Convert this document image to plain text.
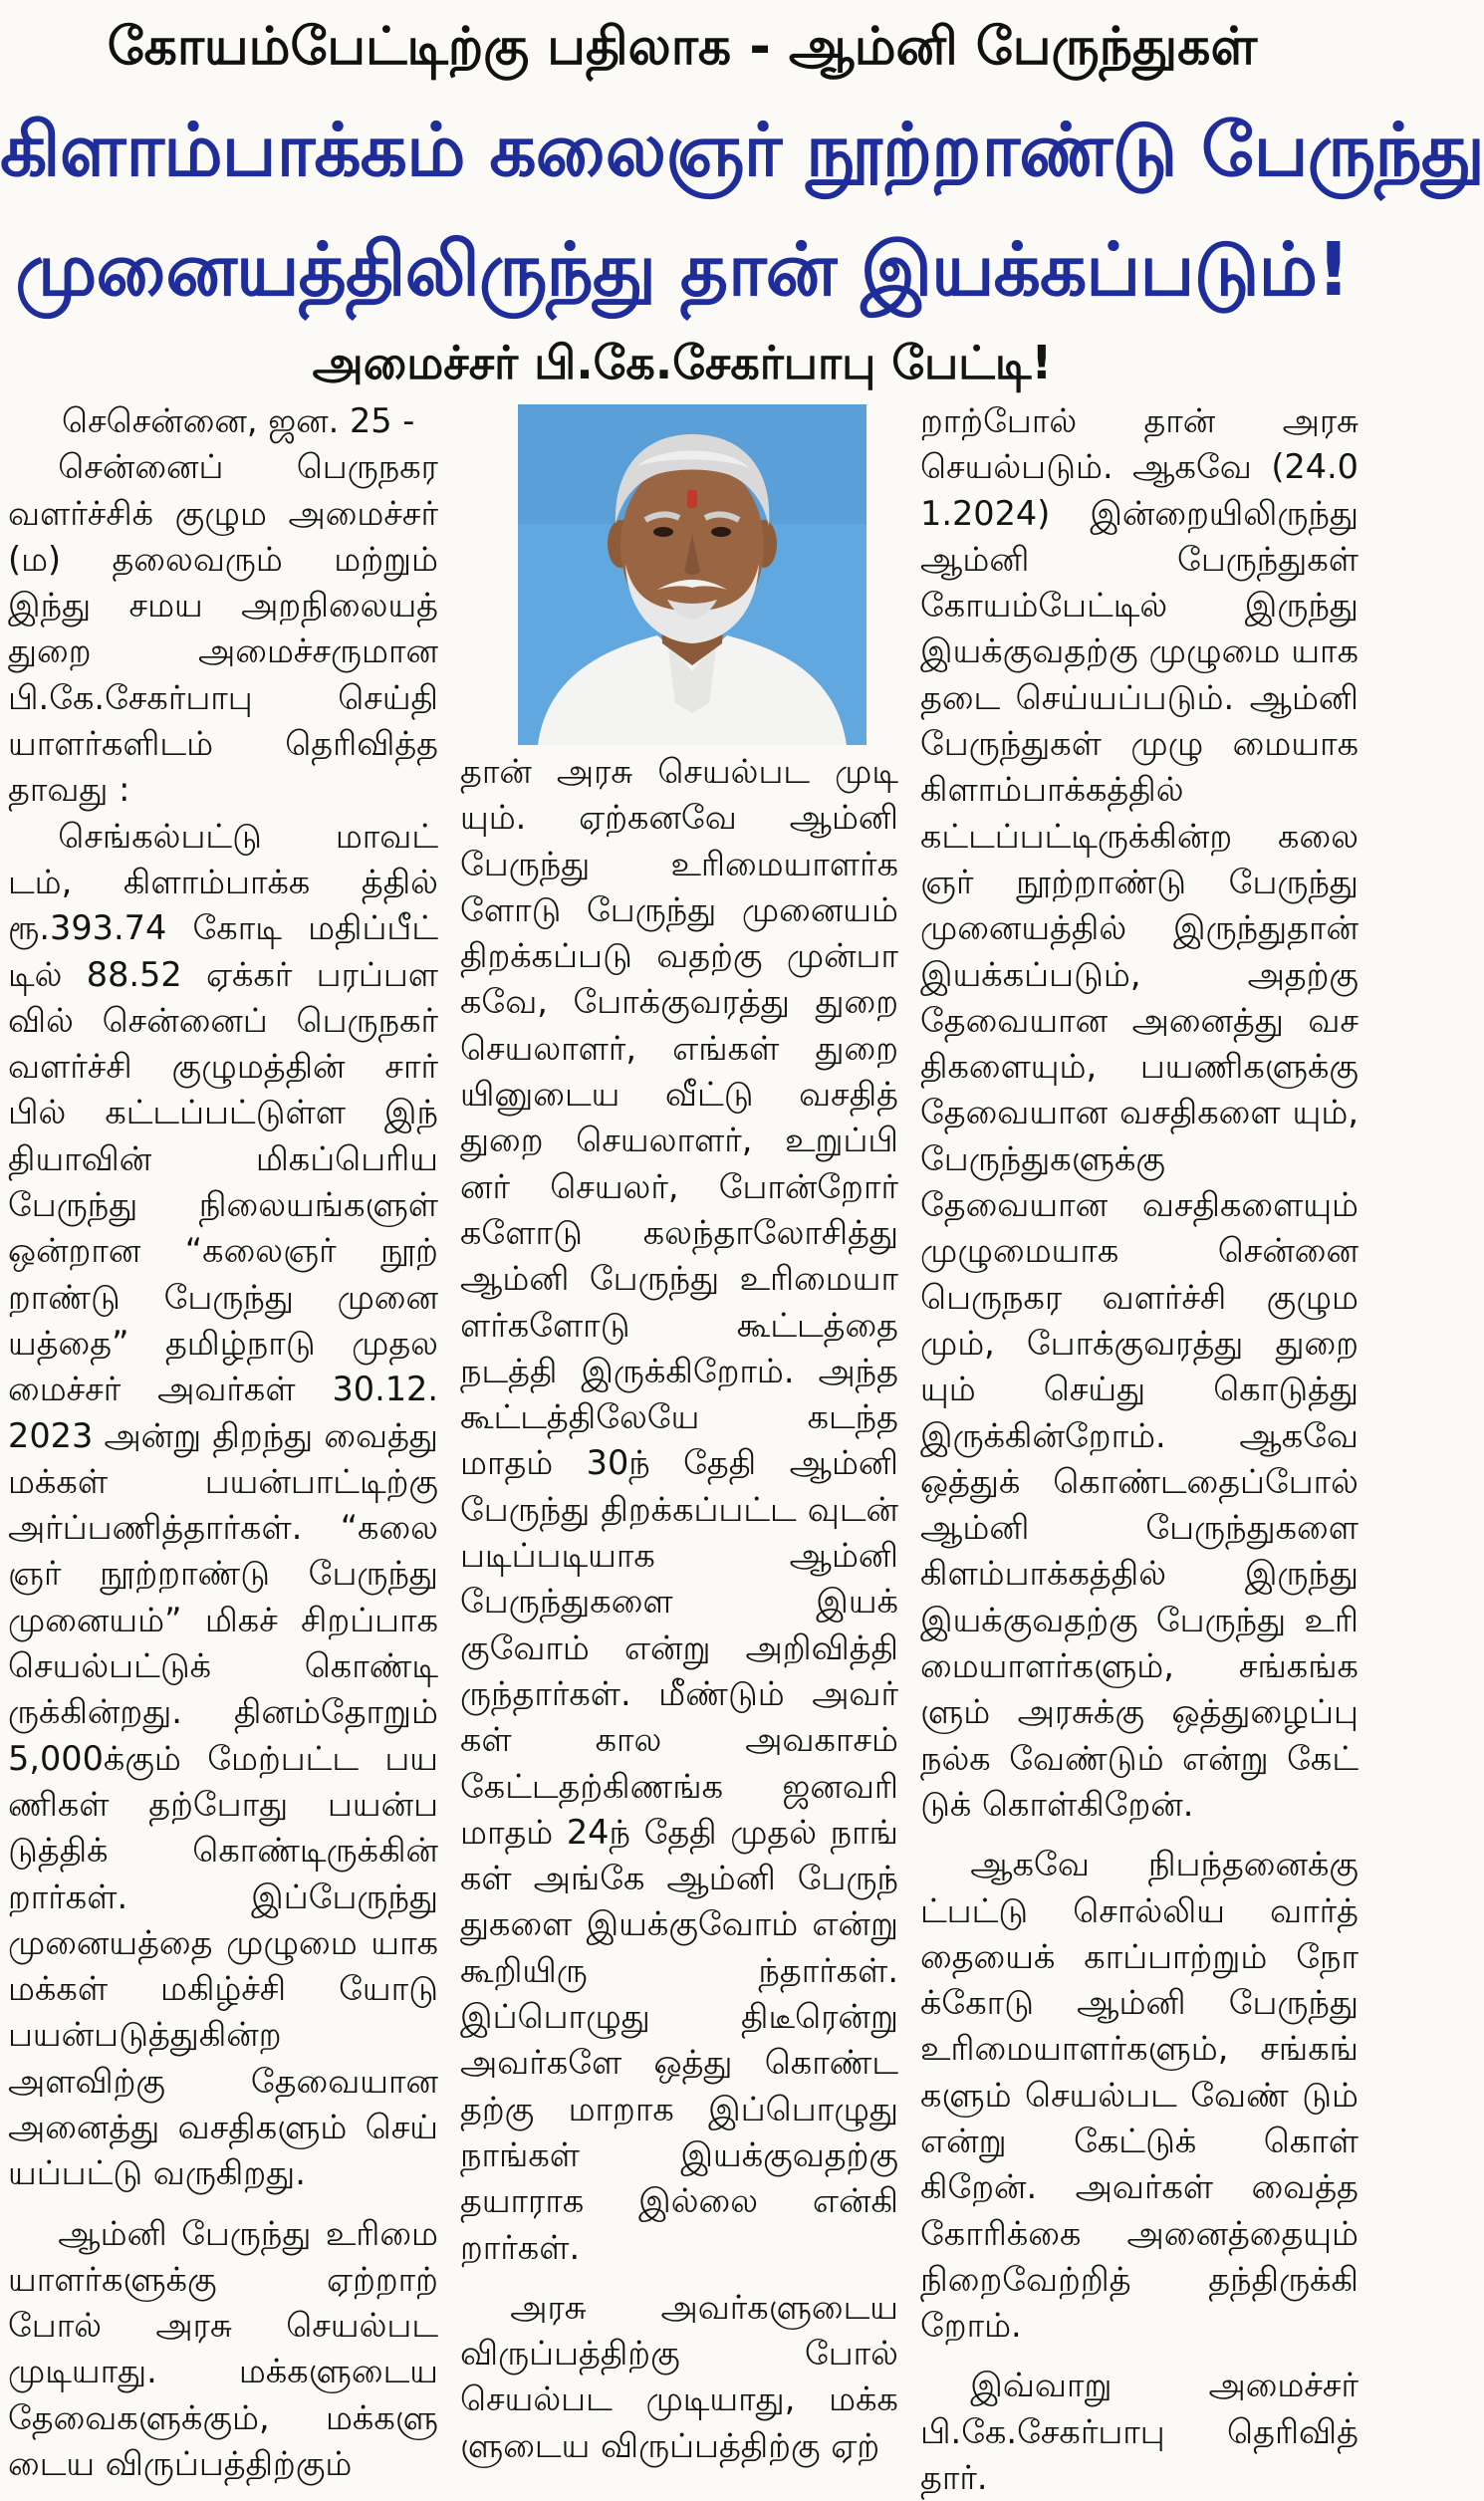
கோயம்பேட்டிற்கு பதிலாக - ஆம்னி பேருந்துகள்
கிளாம்பாக்கம் கலைஞர் நூற்றாண்டு பேருந்து
முனையத்திலிருந்து தான் இயக்கப்படும்!
அமைச்சர் பி.கே.சேகர்பாபு பேட்டி!

செசென்னை, ஜன. 25 -

சென்னைப் பெருநகர வளர்ச்சிக் குழும அமைச்சர் (ம) தலைவரும் மற்றும் இந்து சமய அறநிலையத் துறை அமைச்சருமான பி.கே.சேகர்பாபு செய்தி யாளர்களிடம் தெரிவித்த தாவது :

செங்கல்பட்டு மாவட் டம், கிளாம்பாக்க த்தில் ரூ.393.74 கோடி மதிப்பீட் டில் 88.52 ஏக்கர் பரப்பள வில் சென்னைப் பெருநகர் வளர்ச்சி குழுமத்தின் சார் பில் கட்டப்பட்டுள்ள இந் தியாவின் மிகப்பெரிய பேருந்து நிலையங்களுள் ஒன்றான “கலைஞர் நூற் றாண்டு பேருந்து முனை யத்தை” தமிழ்நாடு முதல மைச்சர் அவர்கள் 30.12. 2023 அன்று திறந்து வைத்து மக்கள் பயன்பாட்டிற்கு அர்ப்பணித்தார்கள். “கலை ஞர் நூற்றாண்டு பேருந்து முனையம்” மிகச் சிறப்பாக செயல்பட்டுக் கொண்டி ருக்கின்றது. தினம்தோறும் 5,000க்கும் மேற்பட்ட பய ணிகள் தற்போது பயன்ப டுத்திக் கொண்டிருக்கின் றார்கள். இப்பேருந்து முனையத்தை முழுமை யாக மக்கள் மகிழ்ச்சி யோடு பயன்படுத்துகின்ற அளவிற்கு தேவையான அனைத்து வசதிகளும் செய் யப்பட்டு வருகிறது.

ஆம்னி பேருந்து உரிமை யாளர்களுக்கு ஏற்றாற் போல் அரசு செயல்பட முடியாது. மக்களுடைய தேவைகளுக்கும், மக்களு டைய விருப்பத்திற்கும்

தான் அரசு செயல்பட முடி யும். ஏற்கனவே ஆம்னி பேருந்து உரிமையாளர்க ளோடு பேருந்து முனையம் திறக்கப்படு வதற்கு முன்பா கவே, போக்குவரத்து துறை செயலாளர், எங்கள் துறை யினுடைய வீட்டு வசதித் துறை செயலாளர், உறுப்பி னர் செயலர், போன்றோர் களோடு கலந்தாலோசித்து ஆம்னி பேருந்து உரிமையா ளர்களோடு கூட்டத்தை நடத்தி இருக்கிறோம். அந்த கூட்டத்திலேயே கடந்த மாதம் 30ந் தேதி ஆம்னி பேருந்து திறக்கப்பட்ட வுடன் படிப்படியாக ஆம்னி பேருந்துகளை இயக் குவோம் என்று அறிவித்தி ருந்தார்கள். மீண்டும் அவர் கள் கால அவகாசம் கேட்டதற்கிணங்க ஜனவரி மாதம் 24ந் தேதி முதல் நாங் கள் அங்கே ஆம்னி பேருந் துகளை இயக்குவோம் என்று கூறியிரு ந்தார்கள். இப்பொழுது திடீரென்று அவர்களே ஒத்து கொண்ட தற்கு மாறாக இப்பொழுது நாங்கள் இயக்குவதற்கு தயாராக இல்லை என்கி றார்கள்.

அரசு அவர்களுடைய விருப்பத்திற்கு போல் செயல்பட முடியாது, மக்க ளுடைய விருப்பத்திற்கு ஏற்

றாற்போல் தான் அரசு செயல்படும். ஆகவே (24.0 1.2024) இன்றையிலிருந்து ஆம்னி பேருந்துகள் கோயம்பேட்டில் இருந்து இயக்குவதற்கு முழுமை யாக தடை செய்யப்படும். ஆம்னி பேருந்துகள் முழு மையாக கிளாம்பாக்கத்தில் கட்டப்பட்டிருக்கின்ற கலை ஞர் நூற்றாண்டு பேருந்து முனையத்தில் இருந்துதான் இயக்கப்படும், அதற்கு தேவையான அனைத்து வச திகளையும், பயணிகளுக்கு தேவையான வசதிகளை யும், பேருந்துகளுக்கு தேவையான வசதிகளையும் முழுமையாக சென்னை பெருநகர வளர்ச்சி குழும மும், போக்குவரத்து துறை யும் செய்து கொடுத்து இருக்கின்றோம். ஆகவே ஒத்துக் கொண்டதைப்போல் ஆம்னி பேருந்துகளை கிளம்பாக்கத்தில் இருந்து இயக்குவதற்கு பேருந்து உரி மையாளர்களும், சங்கங்க ளும் அரசுக்கு ஒத்துழைப்பு நல்க வேண்டும் என்று கேட் டுக் கொள்கிறேன்.

ஆகவே நிபந்தனைக்கு ட்பட்டு சொல்லிய வார்த் தையைக் காப்பாற்றும் நோ க்கோடு ஆம்னி பேருந்து உரிமையாளர்களும், சங்கங் களும் செயல்பட வேண் டும் என்று கேட்டுக் கொள் கிறேன். அவர்கள் வைத்த கோரிக்கை அனைத்தையும் நிறைவேற்றித் தந்திருக்கி றோம்.

இவ்வாறு அமைச்சர் பி.கே.சேகர்பாபு தெரிவித் தார்.
